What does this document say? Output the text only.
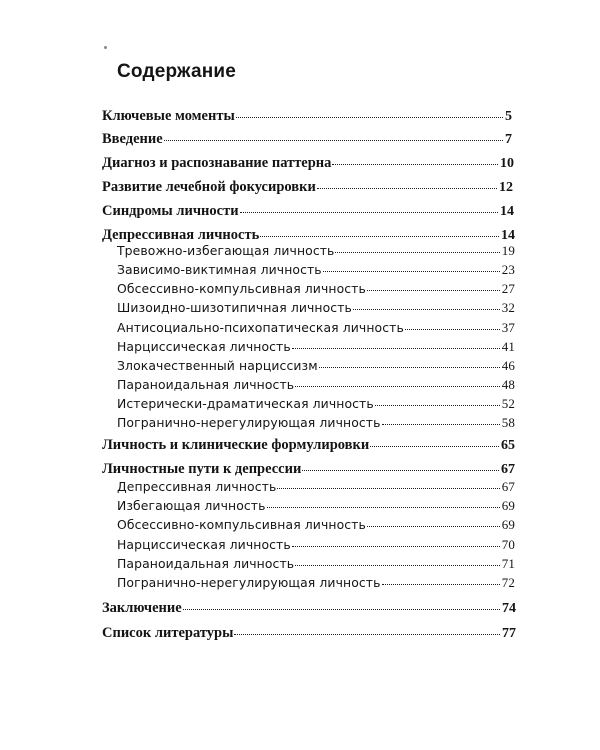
Содержание
Ключевые моменты	5
Введение	7
Диагноз и распознавание паттерна	10
Развитие лечебной фокусировки	12
Синдромы личности	14
Депрессивная личность	14
Тревожно-избегающая личность	19
Зависимо-виктимная личность	23
Обсессивно-компульсивная личность	27
Шизоидно-шизотипичная личность	32
Антисоциально-психопатическая личность	37
Нарциссическая личность	41
Злокачественный нарциссизм	46
Параноидальная личность	48
Истерически-драматическая личность	52
Погранично-нерегулирующая личность	58
Личность и клинические формулировки	65
Личностные пути к депрессии	67
Депрессивная личность	67
Избегающая личность	69
Обсессивно-компульсивная личность	69
Нарциссическая личность	70
Параноидальная личность	71
Погранично-нерегулирующая личность	72
Заключение	74
Список литературы	77
